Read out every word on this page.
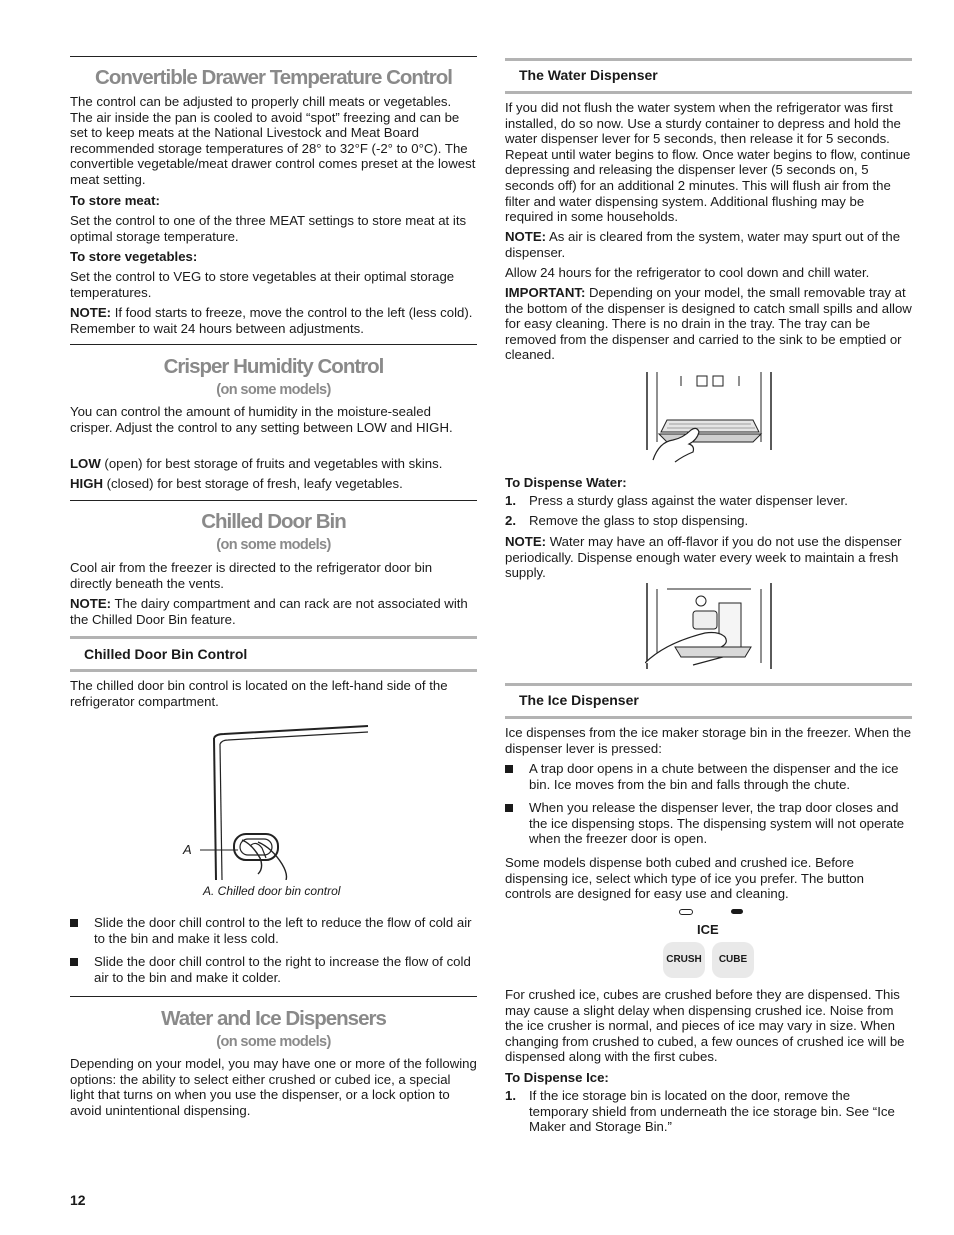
Convertible Drawer Temperature Control

The control can be adjusted to properly chill meats or vegetables. The air inside the pan is cooled to avoid “spot” freezing and can be set to keep meats at the National Livestock and Meat Board recommended storage temperatures of 28° to 32°F (-2° to 0°C). The convertible vegetable/meat drawer control comes preset at the lowest meat setting.

To store meat:

Set the control to one of the three MEAT settings to store meat at its optimal storage temperature.

To store vegetables:

Set the control to VEG to store vegetables at their optimal storage temperatures.

NOTE: If food starts to freeze, move the control to the left (less cold). Remember to wait 24 hours between adjustments.

Crisper Humidity Control
(on some models)

You can control the amount of humidity in the moisture-sealed crisper. Adjust the control to any setting between LOW and HIGH.

LOW (open) for best storage of fruits and vegetables with skins.

HIGH (closed) for best storage of fresh, leafy vegetables.

Chilled Door Bin
(on some models)

Cool air from the freezer is directed to the refrigerator door bin directly beneath the vents.

NOTE: The dairy compartment and can rack are not associated with the Chilled Door Bin feature.

Chilled Door Bin Control

The chilled door bin control is located on the left-hand side of the refrigerator compartment.

A
A. Chilled door bin control

Slide the door chill control to the left to reduce the flow of cold air to the bin and make it less cold.

Slide the door chill control to the right to increase the flow of cold air to the bin and make it colder.

Water and Ice Dispensers
(on some models)

Depending on your model, you may have one or more of the following options: the ability to select either crushed or cubed ice, a special light that turns on when you use the dispenser, or a lock option to avoid unintentional dispensing.

The Water Dispenser

If you did not flush the water system when the refrigerator was first installed, do so now. Use a sturdy container to depress and hold the water dispenser lever for 5 seconds, then release it for 5 seconds. Repeat until water begins to flow. Once water begins to flow, continue depressing and releasing the dispenser lever (5 seconds on, 5 seconds off) for an additional 2 minutes. This will flush air from the filter and water dispensing system. Additional flushing may be required in some households.

NOTE: As air is cleared from the system, water may spurt out of the dispenser.

Allow 24 hours for the refrigerator to cool down and chill water.

IMPORTANT: Depending on your model, the small removable tray at the bottom of the dispenser is designed to catch small spills and allow for easy cleaning. There is no drain in the tray. The tray can be removed from the dispenser and carried to the sink to be emptied or cleaned.

To Dispense Water:

1. Press a sturdy glass against the water dispenser lever.

2. Remove the glass to stop dispensing.

NOTE: Water may have an off-flavor if you do not use the dispenser periodically. Dispense enough water every week to maintain a fresh supply.

The Ice Dispenser

Ice dispenses from the ice maker storage bin in the freezer. When the dispenser lever is pressed:

A trap door opens in a chute between the dispenser and the ice bin. Ice moves from the bin and falls through the chute.

When you release the dispenser lever, the trap door closes and the ice dispensing stops. The dispensing system will not operate when the freezer door is open.

Some models dispense both cubed and crushed ice. Before dispensing ice, select which type of ice you prefer. The button controls are designed for easy use and cleaning.

ICE
CRUSH	CUBE

For crushed ice, cubes are crushed before they are dispensed. This may cause a slight delay when dispensing crushed ice. Noise from the ice crusher is normal, and pieces of ice may vary in size. When changing from crushed to cubed, a few ounces of crushed ice will be dispensed along with the first cubes.

To Dispense Ice:

1. If the ice storage bin is located on the door, remove the temporary shield from underneath the ice storage bin. See “Ice Maker and Storage Bin.”

12
